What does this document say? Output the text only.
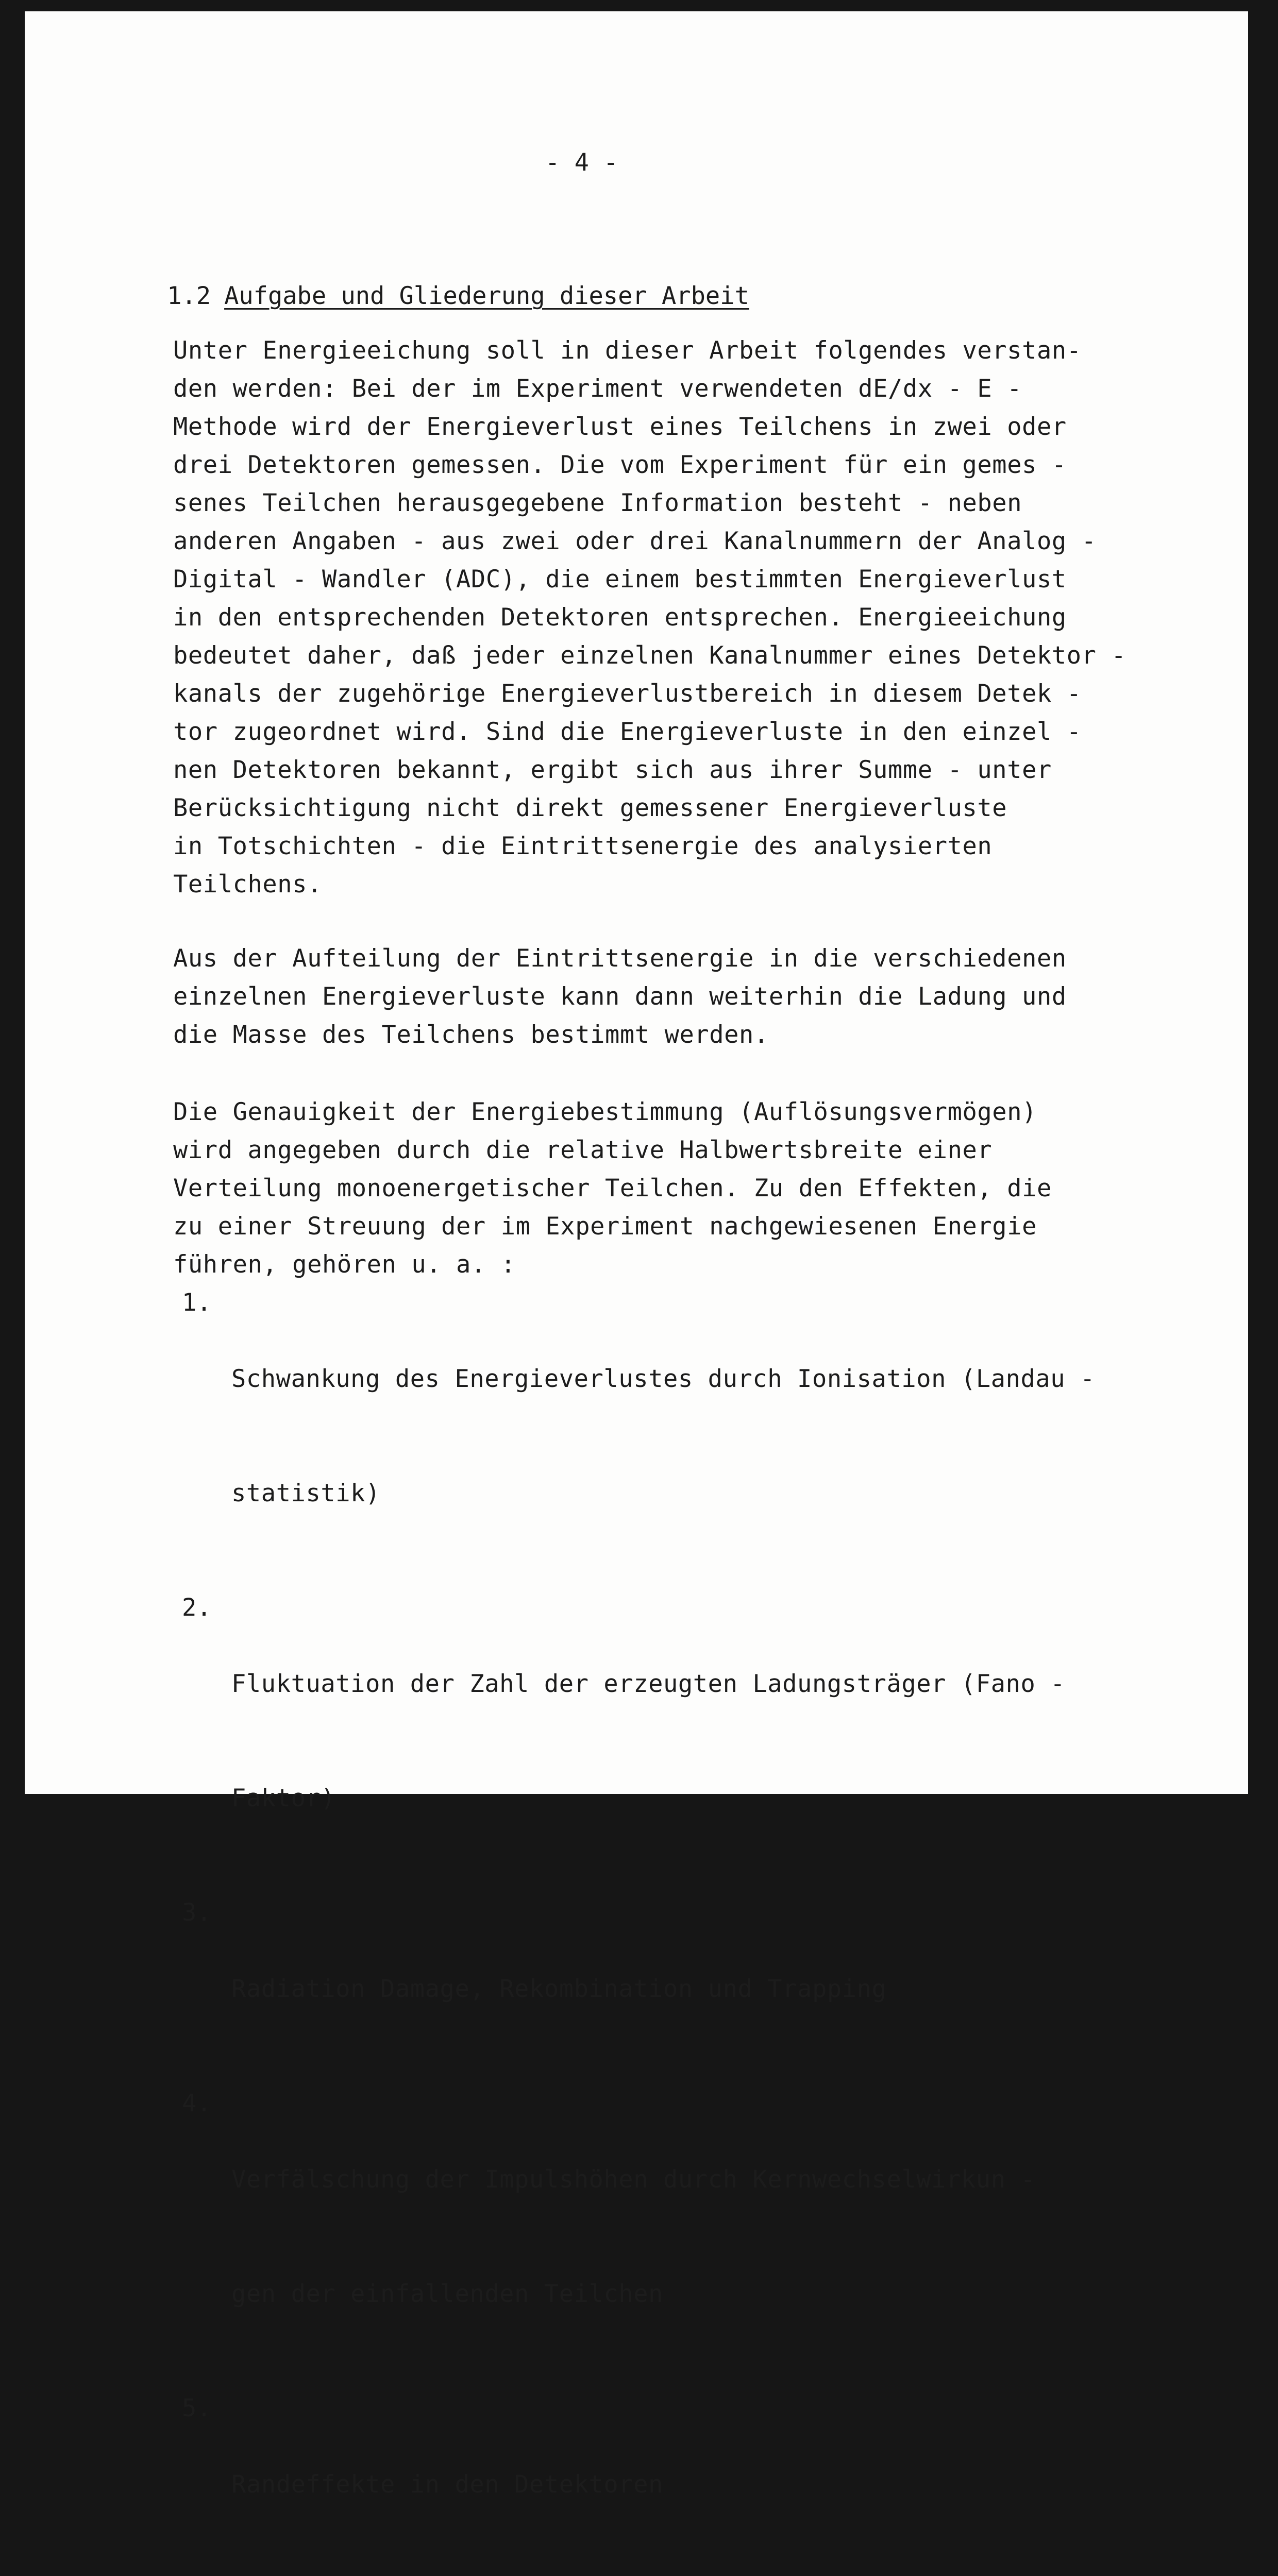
- 4 -

1.2 Aufgabe und Gliederung dieser Arbeit

Unter Energieeichung soll in dieser Arbeit folgendes verstan-
den werden: Bei der im Experiment verwendeten dE/dx - E -
Methode wird der Energieverlust eines Teilchens in zwei oder
drei Detektoren gemessen. Die vom Experiment für ein gemes -
senes Teilchen herausgegebene Information besteht - neben
anderen Angaben - aus zwei oder drei Kanalnummern der Analog -
Digital - Wandler (ADC), die einem bestimmten Energieverlust
in den entsprechenden Detektoren entsprechen. Energieeichung
bedeutet daher, daß jeder einzelnen Kanalnummer eines Detektor -
kanals der zugehörige Energieverlustbereich in diesem Detek -
tor zugeordnet wird. Sind die Energieverluste in den einzel -
nen Detektoren bekannt, ergibt sich aus ihrer Summe - unter
Berücksichtigung nicht direkt gemessener Energieverluste
in Totschichten - die Eintrittsenergie des analysierten
Teilchens.
Aus der Aufteilung der Eintrittsenergie in die verschiedenen
einzelnen Energieverluste kann dann weiterhin die Ladung und
die Masse des Teilchens bestimmt werden.
Die Genauigkeit der Energiebestimmung (Auflösungsvermögen)
wird angegeben durch die relative Halbwertsbreite einer
Verteilung monoenergetischer Teilchen. Zu den Effekten, die
zu einer Streuung der im Experiment nachgewiesenen Energie
führen, gehören u. a. :
1.

Schwankung des Energieverlustes durch Ionisation (Landau -

statistik)

2.

Fluktuation der Zahl der erzeugten Ladungsträger (Fano -

Faktor)

3.

Radiation Damage, Rekombination und Trapping

4.

Verfälschung der Impulshöhen durch Kernwechselwirkun -

gen der einfallenden Teilchen

5.

Randeffekte in den Detektoren
